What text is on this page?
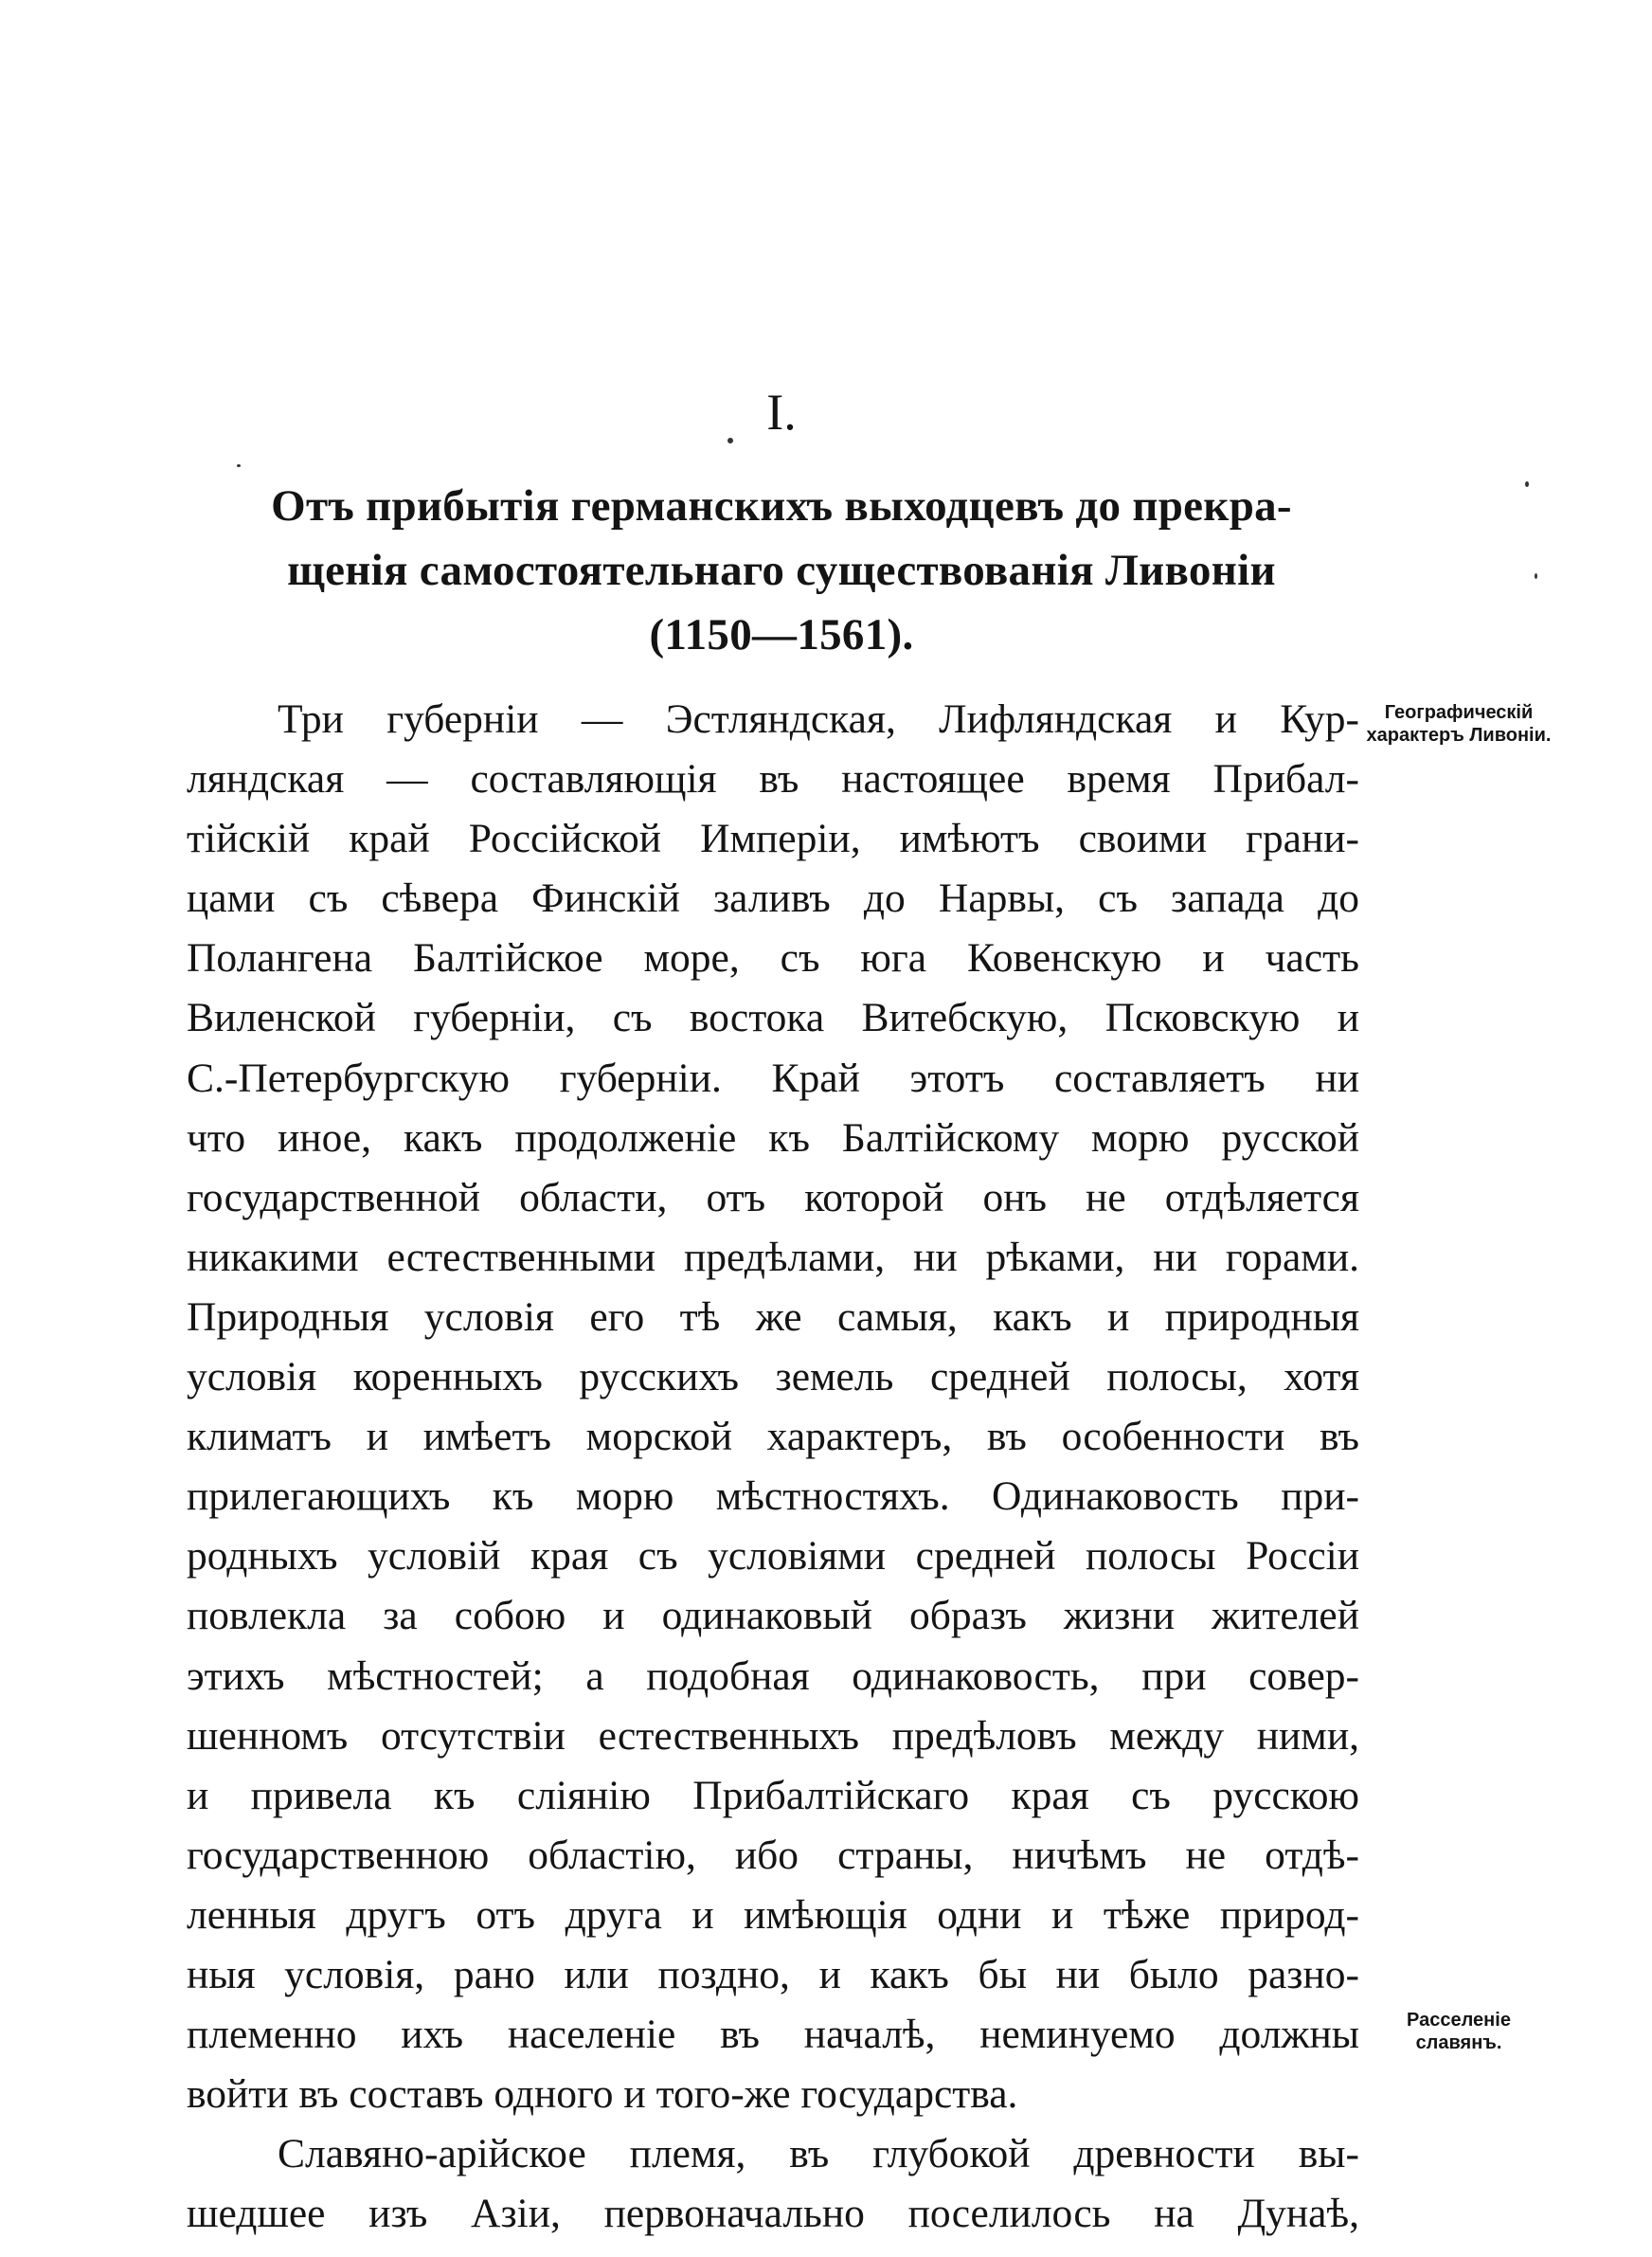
I.
Отъ прибытія германскихъ выходцевъ до прекра-
щенія самостоятельнаго существованія Ливоніи
(1150—1561).
Географическій характеръ Ливоніи.
Расселеніе славянъ.
Три губерніи — Эстляндская, Лифляндская и Кур-
ляндская — составляющія въ настоящее время Прибал-
тійскій край Россійской Имперіи, имѣютъ своими грани-
цами съ сѣвера Финскій заливъ до Нарвы, съ запада до
Полангена Балтійское море, съ юга Ковенскую и часть
Виленской губерніи, съ востока Витебскую, Псковскую и
С.-Петербургскую губерніи. Край этотъ составляетъ ни
что иное, какъ продолженіе къ Балтійскому морю русской
государственной области, отъ которой онъ не отдѣляется
никакими естественными предѣлами, ни рѣками, ни горами.
Природныя условія его тѣ же самыя, какъ и природныя
условія коренныхъ русскихъ земель средней полосы, хотя
климатъ и имѣетъ морской характеръ, въ особенности въ
прилегающихъ къ морю мѣстностяхъ. Одинаковость при-
родныхъ условій края съ условіями средней полосы Россіи
повлекла за собою и одинаковый образъ жизни жителей
этихъ мѣстностей; а подобная одинаковость, при совер-
шенномъ отсутствіи естественныхъ предѣловъ между ними,
и привела къ слiянію Прибалтійскаго края съ русскою
государственною областію, ибо страны, ничѣмъ не отдѣ-
ленныя другъ отъ друга и имѣющія одни и тѣже природ-
ныя условія, рано или поздно, и какъ бы ни было разно-
племенно ихъ населеніе въ началѣ, неминуемо должны
войти въ составъ одного и того-же государства.
Славяно-арійское племя, въ глубокой древности вы-
шедшее изъ Азіи, первоначально поселилось на Дунаѣ,
